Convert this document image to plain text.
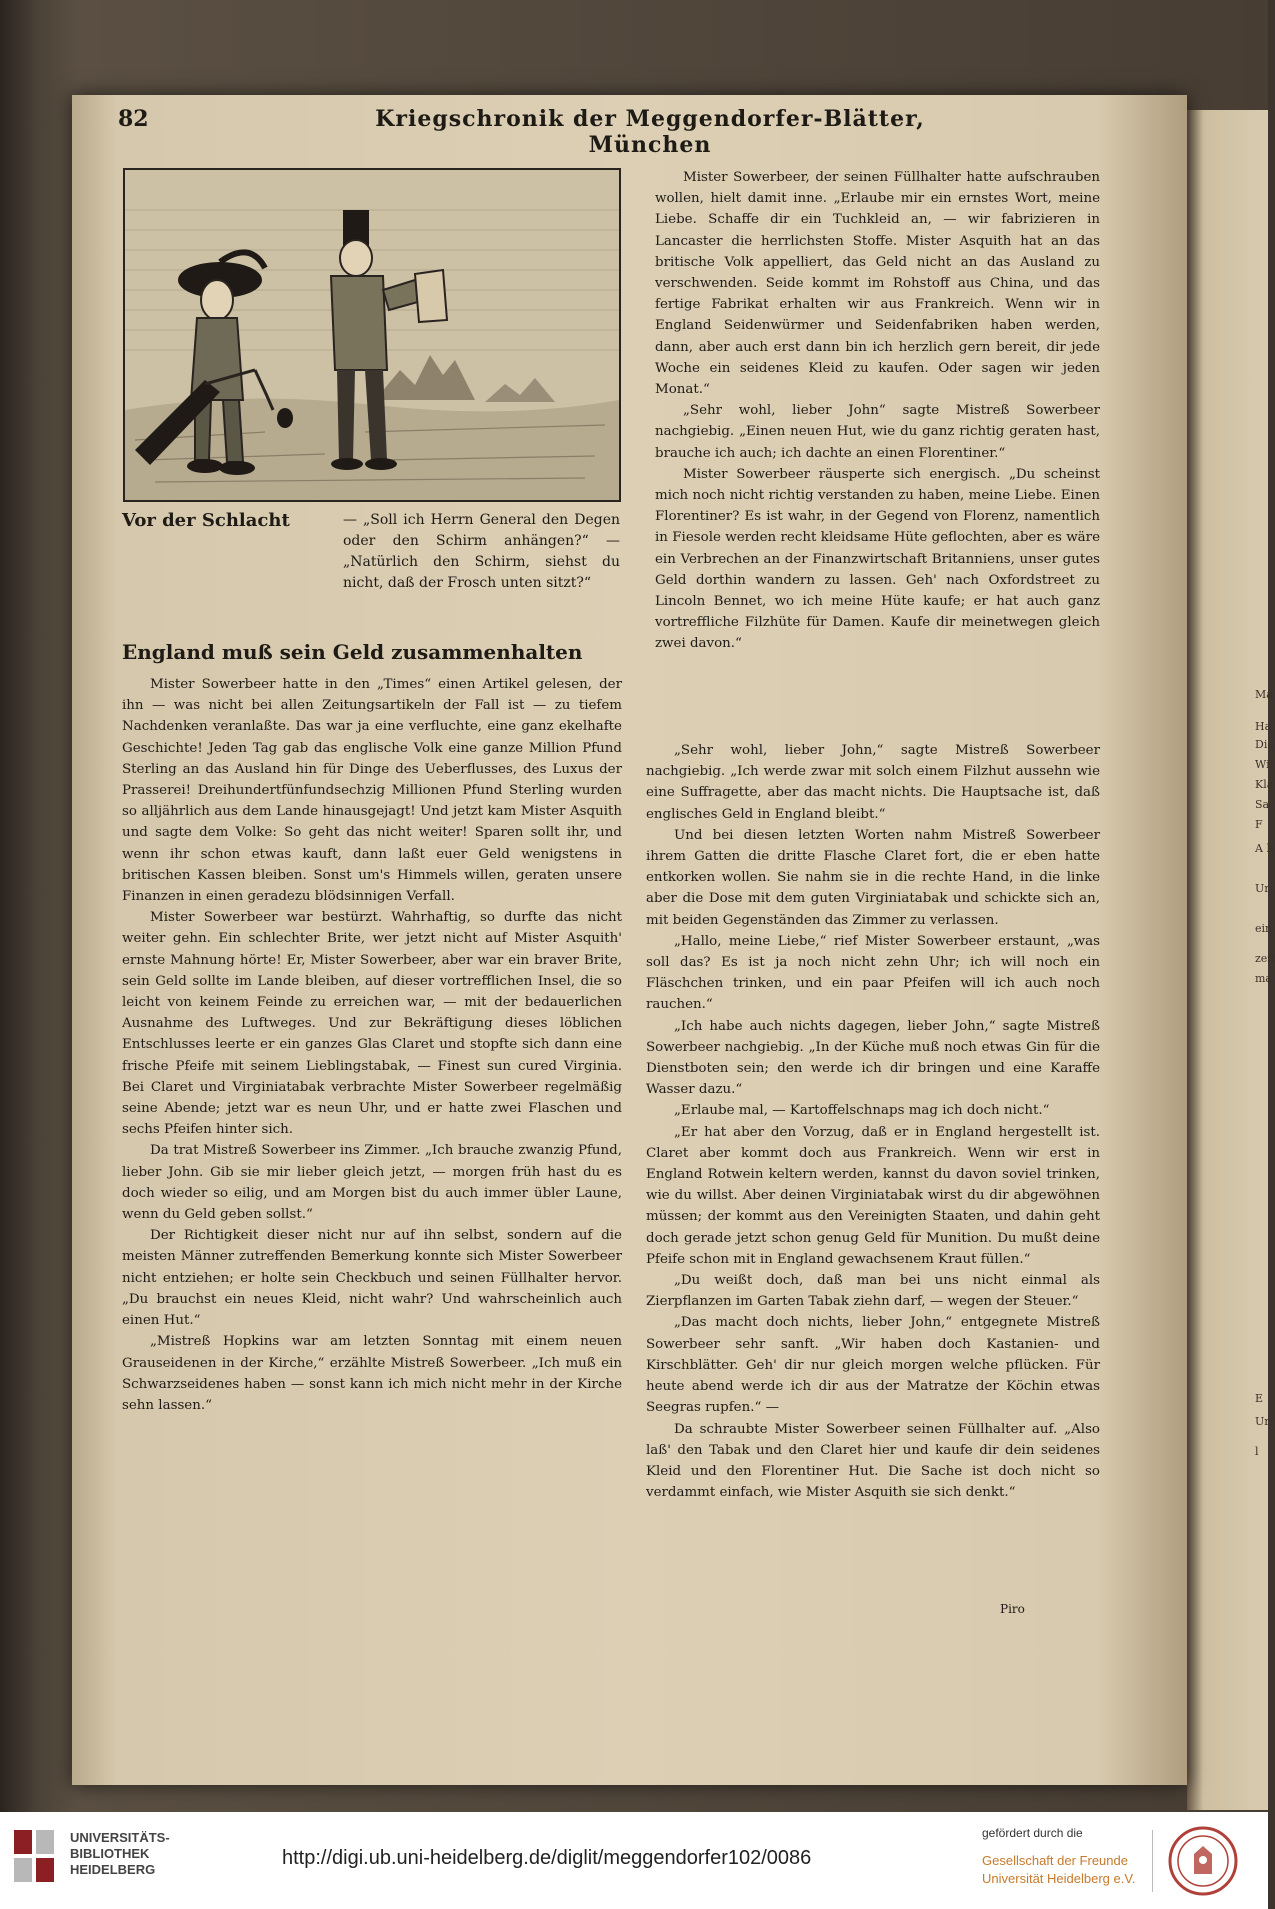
Ma
Ha
Die
Wi
Kla
Sa
F
A h
Ur
ein
zeit
ma
E
Ur
l
82	Kriegschronik der Meggendorfer-Blätter, München
Vor der Schlacht	— „Soll ich Herrn General den Degen oder den Schirm anhängen?“ — „Natürlich den Schirm, siehst du nicht, daß der Frosch unten sitzt?“
England muß sein Geld zusammenhalten

Mister Sowerbeer hatte in den „Times“ einen Artikel gelesen, der ihn — was nicht bei allen Zeitungsartikeln der Fall ist — zu tiefem Nachdenken veranlaßte. Das war ja eine verfluchte, eine ganz ekelhafte Geschichte! Jeden Tag gab das englische Volk eine ganze Million Pfund Sterling an das Ausland hin für Dinge des Ueberflusses, des Luxus der Prasserei! Dreihundertfünfundsechzig Millionen Pfund Sterling wurden so alljährlich aus dem Lande hinausgejagt! Und jetzt kam Mister Asquith und sagte dem Volke: So geht das nicht weiter! Sparen sollt ihr, und wenn ihr schon etwas kauft, dann laßt euer Geld wenigstens in britischen Kassen bleiben. Sonst um's Himmels willen, geraten unsere Finanzen in einen geradezu blödsinnigen Verfall.

Mister Sowerbeer war bestürzt. Wahrhaftig, so durfte das nicht weiter gehn. Ein schlechter Brite, wer jetzt nicht auf Mister Asquith' ernste Mahnung hörte! Er, Mister Sowerbeer, aber war ein braver Brite, sein Geld sollte im Lande bleiben, auf dieser vortrefflichen Insel, die so leicht von keinem Feinde zu erreichen war, — mit der bedauerlichen Ausnahme des Luftweges. Und zur Bekräftigung dieses löblichen Entschlusses leerte er ein ganzes Glas Claret und stopfte sich dann eine frische Pfeife mit seinem Lieblingstabak, — Finest sun cured Virginia. Bei Claret und Virginiatabak verbrachte Mister Sowerbeer regelmäßig seine Abende; jetzt war es neun Uhr, und er hatte zwei Flaschen und sechs Pfeifen hinter sich.

Da trat Mistreß Sowerbeer ins Zimmer. „Ich brauche zwanzig Pfund, lieber John. Gib sie mir lieber gleich jetzt, — morgen früh hast du es doch wieder so eilig, und am Morgen bist du auch immer übler Laune, wenn du Geld geben sollst.“

Der Richtigkeit dieser nicht nur auf ihn selbst, sondern auf die meisten Männer zutreffenden Bemerkung konnte sich Mister Sowerbeer nicht entziehen; er holte sein Checkbuch und seinen Füllhalter hervor. „Du brauchst ein neues Kleid, nicht wahr? Und wahrscheinlich auch einen Hut.“

„Mistreß Hopkins war am letzten Sonntag mit einem neuen Grauseidenen in der Kirche,“ erzählte Mistreß Sowerbeer. „Ich muß ein Schwarzseidenes haben — sonst kann ich mich nicht mehr in der Kirche sehn lassen.“

Mister Sowerbeer, der seinen Füllhalter hatte aufschrauben wollen, hielt damit inne. „Erlaube mir ein ernstes Wort, meine Liebe. Schaffe dir ein Tuchkleid an, — wir fabrizieren in Lancaster die herrlichsten Stoffe. Mister Asquith hat an das britische Volk appelliert, das Geld nicht an das Ausland zu verschwenden. Seide kommt im Rohstoff aus China, und das fertige Fabrikat erhalten wir aus Frankreich. Wenn wir in England Seidenwürmer und Seidenfabriken haben werden, dann, aber auch erst dann bin ich herzlich gern bereit, dir jede Woche ein seidenes Kleid zu kaufen. Oder sagen wir jeden Monat.“

„Sehr wohl, lieber John“ sagte Mistreß Sowerbeer nachgiebig. „Einen neuen Hut, wie du ganz richtig geraten hast, brauche ich auch; ich dachte an einen Florentiner.“

Mister Sowerbeer räusperte sich energisch. „Du scheinst mich noch nicht richtig verstanden zu haben, meine Liebe. Einen Florentiner? Es ist wahr, in der Gegend von Florenz, namentlich in Fiesole werden recht kleidsame Hüte geflochten, aber es wäre ein Verbrechen an der Finanzwirtschaft Britanniens, unser gutes Geld dorthin wandern zu lassen. Geh' nach Oxfordstreet zu Lincoln Bennet, wo ich meine Hüte kaufe; er hat auch ganz vortreffliche Filzhüte für Damen. Kaufe dir meinetwegen gleich zwei davon.“

„Sehr wohl, lieber John,“ sagte Mistreß Sowerbeer nachgiebig. „Ich werde zwar mit solch einem Filzhut aussehn wie eine Suffragette, aber das macht nichts. Die Hauptsache ist, daß englisches Geld in England bleibt.“

Und bei diesen letzten Worten nahm Mistreß Sowerbeer ihrem Gatten die dritte Flasche Claret fort, die er eben hatte entkorken wollen. Sie nahm sie in die rechte Hand, in die linke aber die Dose mit dem guten Virginiatabak und schickte sich an, mit beiden Gegenständen das Zimmer zu verlassen.

„Hallo, meine Liebe,“ rief Mister Sowerbeer erstaunt, „was soll das? Es ist ja noch nicht zehn Uhr; ich will noch ein Fläschchen trinken, und ein paar Pfeifen will ich auch noch rauchen.“

„Ich habe auch nichts dagegen, lieber John,“ sagte Mistreß Sowerbeer nachgiebig. „In der Küche muß noch etwas Gin für die Dienstboten sein; den werde ich dir bringen und eine Karaffe Wasser dazu.“

„Erlaube mal, — Kartoffelschnaps mag ich doch nicht.“

„Er hat aber den Vorzug, daß er in England hergestellt ist. Claret aber kommt doch aus Frankreich. Wenn wir erst in England Rotwein keltern werden, kannst du davon soviel trinken, wie du willst. Aber deinen Virginiatabak wirst du dir abgewöhnen müssen; der kommt aus den Vereinigten Staaten, und dahin geht doch gerade jetzt schon genug Geld für Munition. Du mußt deine Pfeife schon mit in England gewachsenem Kraut füllen.“

„Du weißt doch, daß man bei uns nicht einmal als Zierpflanzen im Garten Tabak ziehn darf, — wegen der Steuer.“

„Das macht doch nichts, lieber John,“ entgegnete Mistreß Sowerbeer sehr sanft. „Wir haben doch Kastanien- und Kirschblätter. Geh' dir nur gleich morgen welche pflücken. Für heute abend werde ich dir aus der Matratze der Köchin etwas Seegras rupfen.“ —

Da schraubte Mister Sowerbeer seinen Füllhalter auf. „Also laß' den Tabak und den Claret hier und kaufe dir dein seidenes Kleid und den Florentiner Hut. Die Sache ist doch nicht so verdammt einfach, wie Mister Asquith sie sich denkt.“

Piro
UNIVERSITÄTS-
BIBLIOTHEK
HEIDELBERG
http://digi.ub.uni-heidelberg.de/diglit/meggendorfer102/0086
gefördert durch die
Gesellschaft der Freunde
Universität Heidelberg e.V.
